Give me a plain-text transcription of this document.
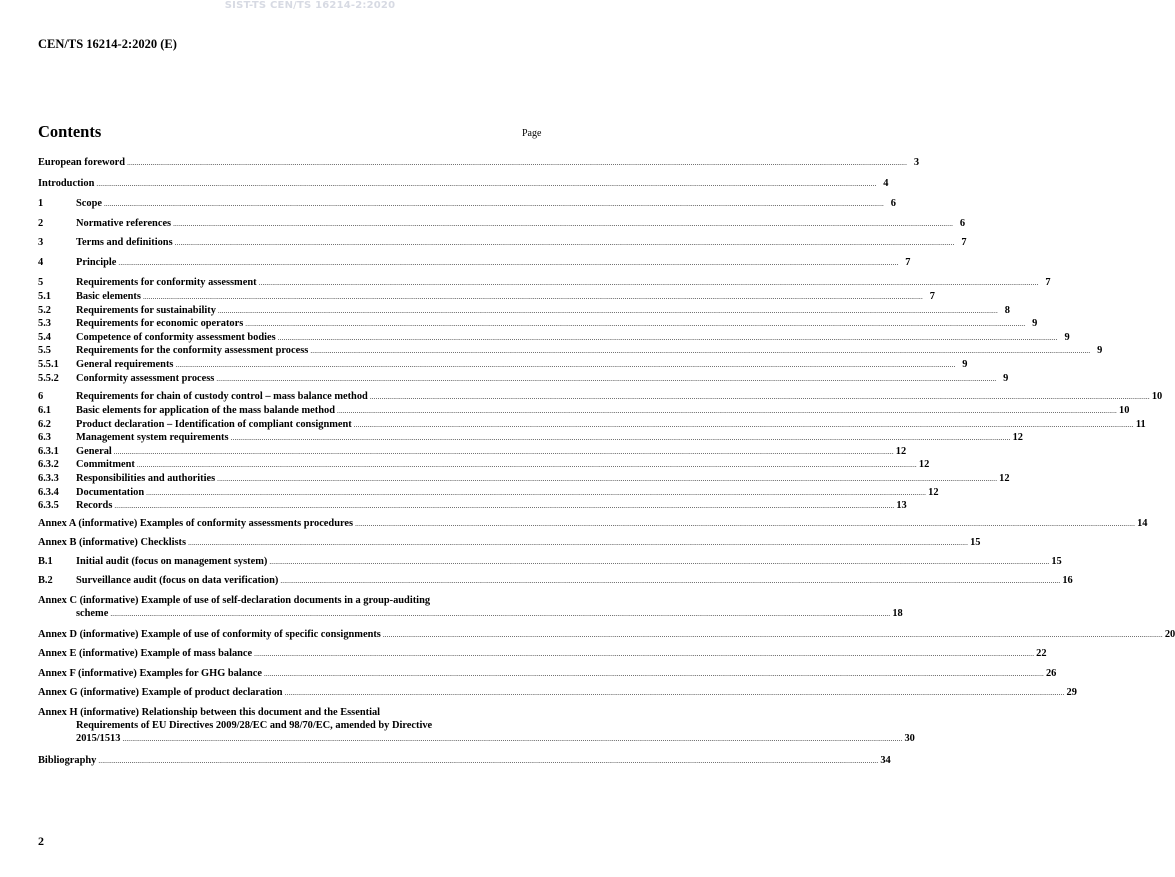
SIST-TS CEN/TS 16214-2:2020
CEN/TS 16214-2:2020 (E)
Contents	Page
European foreword ................................................................................................................................................................................................................................................................................................................................................................................................................ 3
Introduction ................................................................................................................................................................................................................................................................................................................................................................................................................ 4
1	Scope ................................................................................................................................................................................................................................................................................................................................................................................................................ 6
2	Normative references ................................................................................................................................................................................................................................................................................................................................................................................................................ 6
3	Terms and definitions ................................................................................................................................................................................................................................................................................................................................................................................................................ 7
4	Principle ................................................................................................................................................................................................................................................................................................................................................................................................................ 7
5	Requirements for conformity assessment ................................................................................................................................................................................................................................................................................................................................................................................................................ 7
5.1 Basic elements ................................................................................................................................................................................................................................................................................................................................................................................................................ 7
5.2 Requirements for sustainability ................................................................................................................................................................................................................................................................................................................................................................................................................ 8
5.3 Requirements for economic operators ................................................................................................................................................................................................................................................................................................................................................................................................................ 9
5.4 Competence of conformity assessment bodies ................................................................................................................................................................................................................................................................................................................................................................................................................ 9
5.5 Requirements for the conformity assessment process ................................................................................................................................................................................................................................................................................................................................................................................................................ 9
5.5.1 General requirements ................................................................................................................................................................................................................................................................................................................................................................................................................ 9
5.5.2 Conformity assessment process ................................................................................................................................................................................................................................................................................................................................................................................................................ 9
6	Requirements for chain of custody control – mass balance method ................................................................................................................................................................................................................................................................................................................................................................................................................ 10
6.1 Basic elements for application of the mass balande method ................................................................................................................................................................................................................................................................................................................................................................................................................ 10
6.2 Product declaration – Identification of compliant consignment ................................................................................................................................................................................................................................................................................................................................................................................................................ 11
6.3 Management system requirements ................................................................................................................................................................................................................................................................................................................................................................................................................ 12
6.3.1 General ................................................................................................................................................................................................................................................................................................................................................................................................................ 12
6.3.2 Commitment ................................................................................................................................................................................................................................................................................................................................................................................................................ 12
6.3.3 Responsibilities and authorities ................................................................................................................................................................................................................................................................................................................................................................................................................ 12
6.3.4 Documentation ................................................................................................................................................................................................................................................................................................................................................................................................................ 12
6.3.5 Records ................................................................................................................................................................................................................................................................................................................................................................................................................ 13
Annex A (informative) Examples of conformity assessments procedures ................................................................................................................................................................................................................................................................................................................................................................................................................ 14
Annex B (informative) Checklists ................................................................................................................................................................................................................................................................................................................................................................................................................ 15
B.1 Initial audit (focus on management system) ................................................................................................................................................................................................................................................................................................................................................................................................................ 15
B.2 Surveillance audit (focus on data verification) ................................................................................................................................................................................................................................................................................................................................................................................................................ 16
Annex C (informative) Example of use of self-declaration documents in a group-auditing
scheme ................................................................................................................................................................................................................................................................................................................................................................................................................ 18
Annex D (informative) Example of use of conformity of specific consignments ................................................................................................................................................................................................................................................................................................................................................................................................................ 20
Annex E (informative) Example of mass balance ................................................................................................................................................................................................................................................................................................................................................................................................................ 22
Annex F (informative) Examples for GHG balance ................................................................................................................................................................................................................................................................................................................................................................................................................ 26
Annex G (informative) Example of product declaration ................................................................................................................................................................................................................................................................................................................................................................................................................ 29
Annex H (informative) Relationship between this document and the Essential
Requirements of EU Directives 2009/28/EC and 98/70/EC, amended by Directive
2015/1513 ................................................................................................................................................................................................................................................................................................................................................................................................................ 30
Bibliography ................................................................................................................................................................................................................................................................................................................................................................................................................ 34
2
